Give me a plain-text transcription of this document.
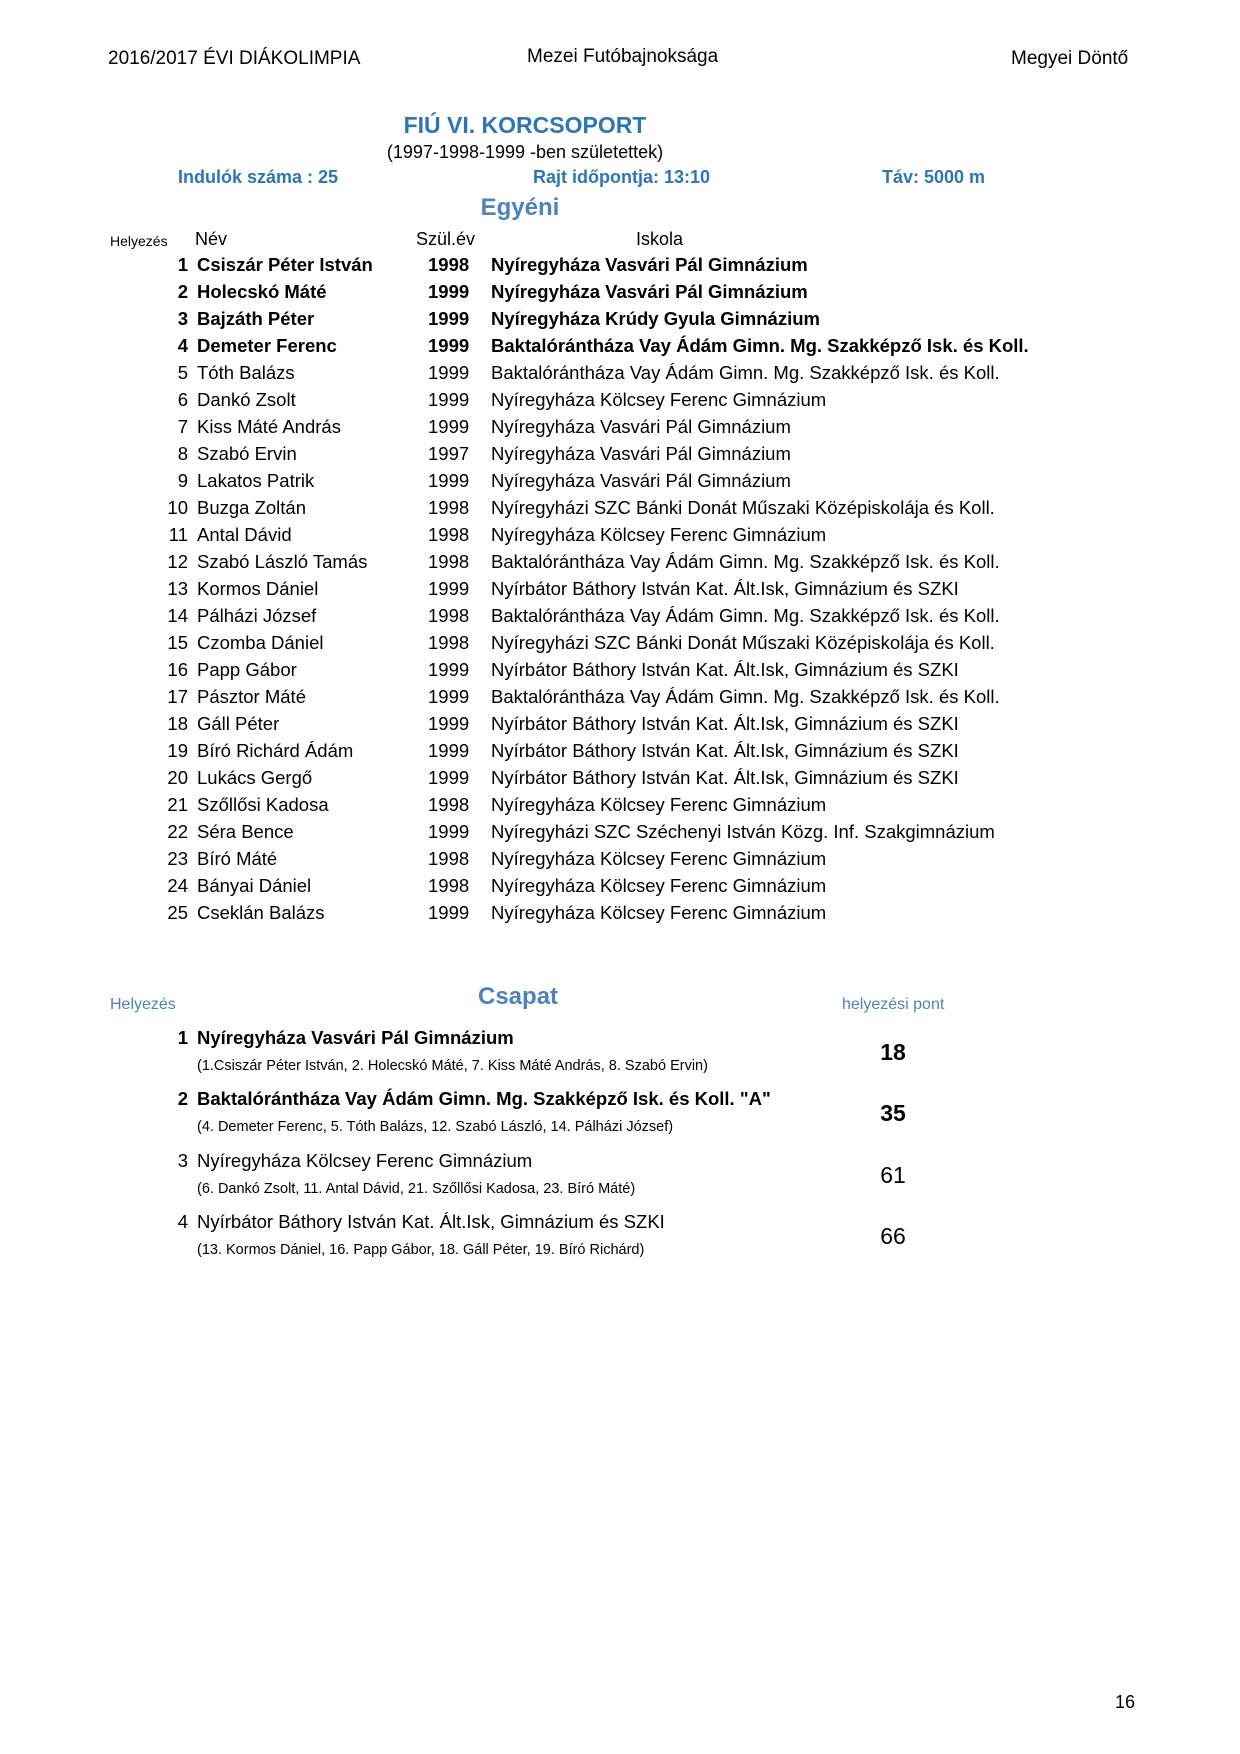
2016/2017 ÉVI DIÁKOLIMPIA	Mezei Futóbajnoksága	Megyei Döntő
FIÚ VI. KORCSOPORT
(1997-1998-1999 -ben születettek)
Indulók száma : 25	Rajt időpontja: 13:10	Táv: 5000 m
Egyéni
Helyezés Név	Szül.év	Iskola
1 Csiszár Péter István	1998 Nyíregyháza Vasvári Pál Gimnázium
2 Holecskó Máté	1999 Nyíregyháza Vasvári Pál Gimnázium
3 Bajzáth Péter	1999 Nyíregyháza Krúdy Gyula Gimnázium
4 Demeter Ferenc	1999 Baktalórántháza Vay Ádám Gimn. Mg. Szakképző Isk. és Koll.
5 Tóth Balázs	1999 Baktalórántháza Vay Ádám Gimn. Mg. Szakképző Isk. és Koll.
6 Dankó Zsolt	1999 Nyíregyháza Kölcsey Ferenc Gimnázium
7 Kiss Máté András	1999 Nyíregyháza Vasvári Pál Gimnázium
8 Szabó Ervin	1997 Nyíregyháza Vasvári Pál Gimnázium
9 Lakatos Patrik	1999 Nyíregyháza Vasvári Pál Gimnázium
10 Buzga Zoltán	1998 Nyíregyházi SZC Bánki Donát Műszaki Középiskolája és Koll.
11 Antal Dávid	1998 Nyíregyháza Kölcsey Ferenc Gimnázium
12 Szabó László Tamás	1998 Baktalórántháza Vay Ádám Gimn. Mg. Szakképző Isk. és Koll.
13 Kormos Dániel	1999 Nyírbátor Báthory István Kat. Ált.Isk, Gimnázium és SZKI
14 Pálházi József	1998 Baktalórántháza Vay Ádám Gimn. Mg. Szakképző Isk. és Koll.
15 Czomba Dániel	1998 Nyíregyházi SZC Bánki Donát Műszaki Középiskolája és Koll.
16 Papp Gábor	1999 Nyírbátor Báthory István Kat. Ált.Isk, Gimnázium és SZKI
17 Pásztor Máté	1999 Baktalórántháza Vay Ádám Gimn. Mg. Szakképző Isk. és Koll.
18 Gáll Péter	1999 Nyírbátor Báthory István Kat. Ált.Isk, Gimnázium és SZKI
19 Bíró Richárd Ádám	1999 Nyírbátor Báthory István Kat. Ált.Isk, Gimnázium és SZKI
20 Lukács Gergő	1999 Nyírbátor Báthory István Kat. Ált.Isk, Gimnázium és SZKI
21 Szőllősi Kadosa	1998 Nyíregyháza Kölcsey Ferenc Gimnázium
22 Séra Bence	1999 Nyíregyházi SZC Széchenyi István Közg. Inf. Szakgimnázium
23 Bíró Máté	1998 Nyíregyháza Kölcsey Ferenc Gimnázium
24 Bányai Dániel	1998 Nyíregyháza Kölcsey Ferenc Gimnázium
25 Cseklán Balázs	1999 Nyíregyháza Kölcsey Ferenc Gimnázium
Helyezés	Csapat	helyezési pont
1 Nyíregyháza Vasvári Pál Gimnázium
(1.Csiszár Péter István, 2. Holecskó Máté, 7. Kiss Máté András, 8. Szabó Ervin)
18
2 Baktalórántháza Vay Ádám Gimn. Mg. Szakképző Isk. és Koll. "A"
(4. Demeter Ferenc, 5. Tóth Balázs, 12. Szabó László, 14. Pálházi József)
35
3 Nyíregyháza Kölcsey Ferenc Gimnázium
(6. Dankó Zsolt, 11. Antal Dávid, 21. Szőllősi Kadosa, 23. Bíró Máté)
61
4 Nyírbátor Báthory István Kat. Ált.Isk, Gimnázium és SZKI
(13. Kormos Dániel, 16. Papp Gábor, 18. Gáll Péter, 19. Bíró Richárd)
66
16
